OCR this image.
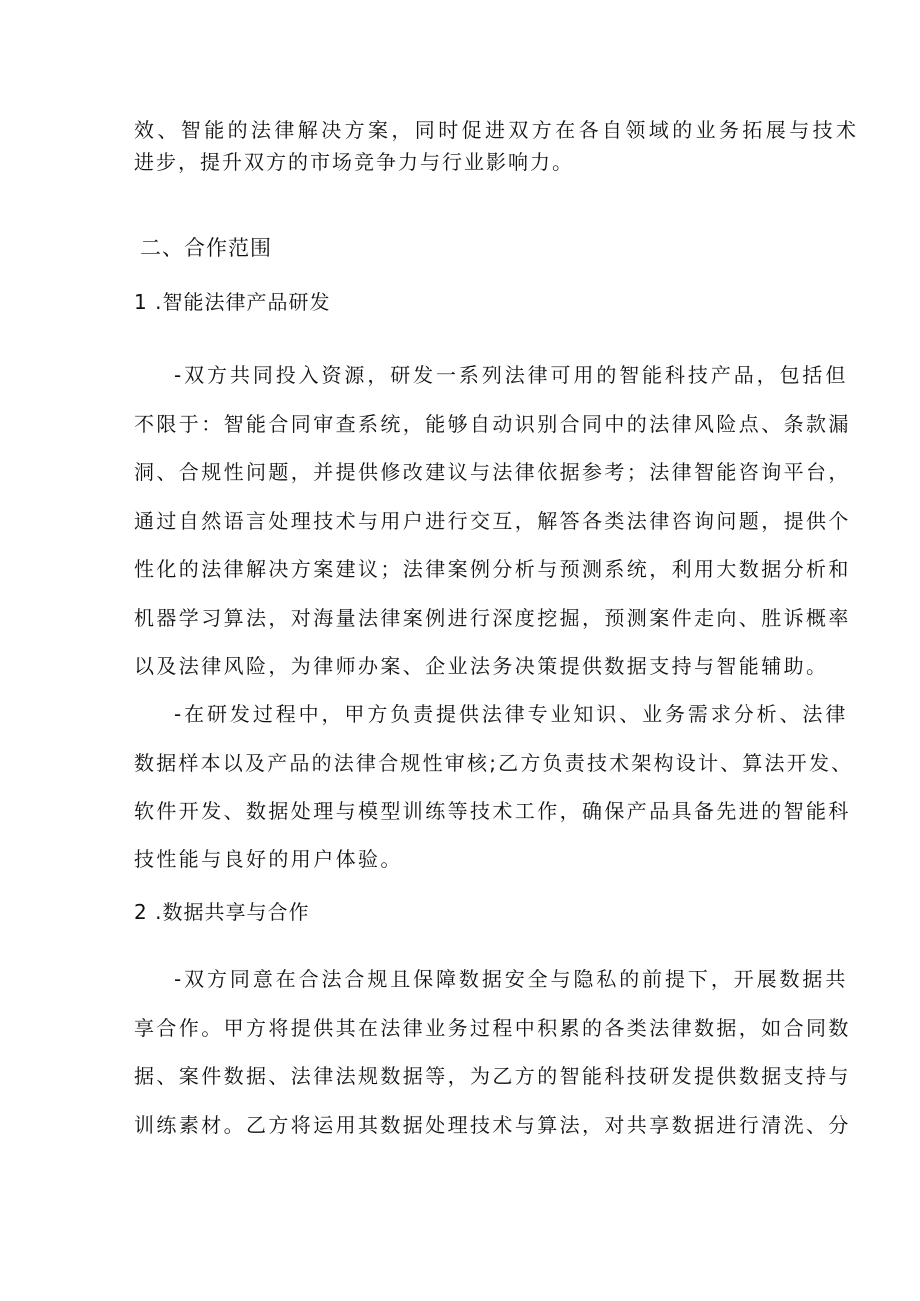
效、智能的法律解决方案，同时促进双方在各自领域的业务拓展与技术
进步，提升双方的市场竞争力与行业影响力。
二、合作范围
1 .智能法律产品研发
-双方共同投入资源，研发一系列法律可用的智能科技产品，包括但
不限于：智能合同审查系统，能够自动识别合同中的法律风险点、条款漏
洞、合规性问题，并提供修改建议与法律依据参考；法律智能咨询平台，
通过自然语言处理技术与用户进行交互，解答各类法律咨询问题，提供个
性化的法律解决方案建议；法律案例分析与预测系统，利用大数据分析和
机器学习算法，对海量法律案例进行深度挖掘，预测案件走向、胜诉概率
以及法律风险，为律师办案、企业法务决策提供数据支持与智能辅助。
-在研发过程中，甲方负责提供法律专业知识、业务需求分析、法律
数据样本以及产品的法律合规性审核;乙方负责技术架构设计、算法开发、
软件开发、数据处理与模型训练等技术工作，确保产品具备先进的智能科
技性能与良好的用户体验。
2 .数据共享与合作
-双方同意在合法合规且保障数据安全与隐私的前提下，开展数据共
享合作。甲方将提供其在法律业务过程中积累的各类法律数据，如合同数
据、案件数据、法律法规数据等，为乙方的智能科技研发提供数据支持与
训练素材。乙方将运用其数据处理技术与算法，对共享数据进行清洗、分
